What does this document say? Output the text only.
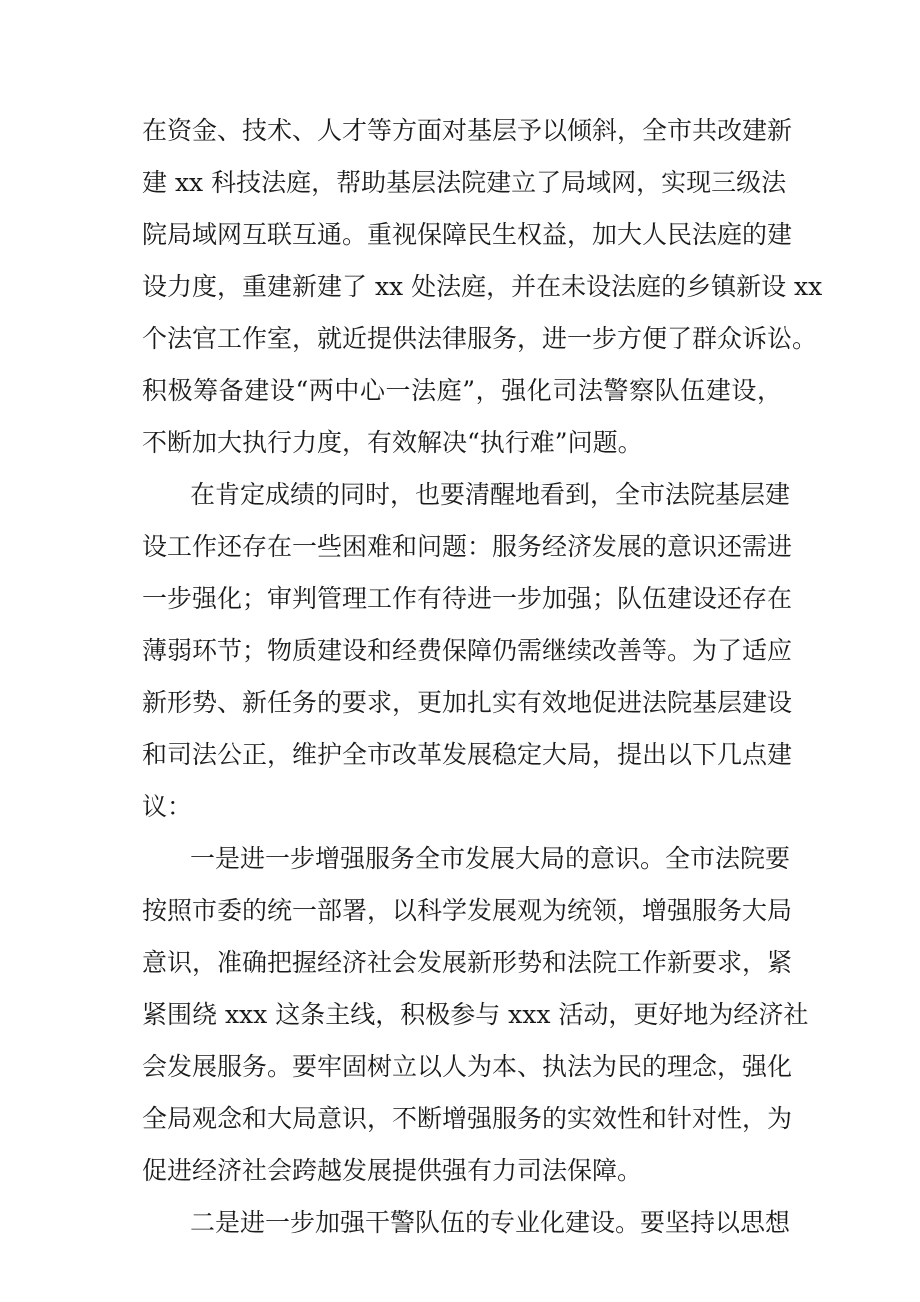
在资金、技术、人才等方面对基层予以倾斜，全市共改建新
建 xx 科技法庭，帮助基层法院建立了局域网，实现三级法
院局域网互联互通。重视保障民生权益，加大人民法庭的建
设力度，重建新建了 xx 处法庭，并在未设法庭的乡镇新设 xx
个法官工作室，就近提供法律服务，进一步方便了群众诉讼。
积极筹备建设“两中心一法庭”，强化司法警察队伍建设，
不断加大执行力度，有效解决“执行难”问题。
在肯定成绩的同时，也要清醒地看到，全市法院基层建
设工作还存在一些困难和问题：服务经济发展的意识还需进
一步强化；审判管理工作有待进一步加强；队伍建设还存在
薄弱环节；物质建设和经费保障仍需继续改善等。为了适应
新形势、新任务的要求，更加扎实有效地促进法院基层建设
和司法公正，维护全市改革发展稳定大局，提出以下几点建
议：
一是进一步增强服务全市发展大局的意识。全市法院要
按照市委的统一部署，以科学发展观为统领，增强服务大局
意识，准确把握经济社会发展新形势和法院工作新要求，紧
紧围绕 xxx 这条主线，积极参与 xxx 活动，更好地为经济社
会发展服务。要牢固树立以人为本、执法为民的理念，强化
全局观念和大局意识，不断增强服务的实效性和针对性，为
促进经济社会跨越发展提供强有力司法保障。
二是进一步加强干警队伍的专业化建设。要坚持以思想
